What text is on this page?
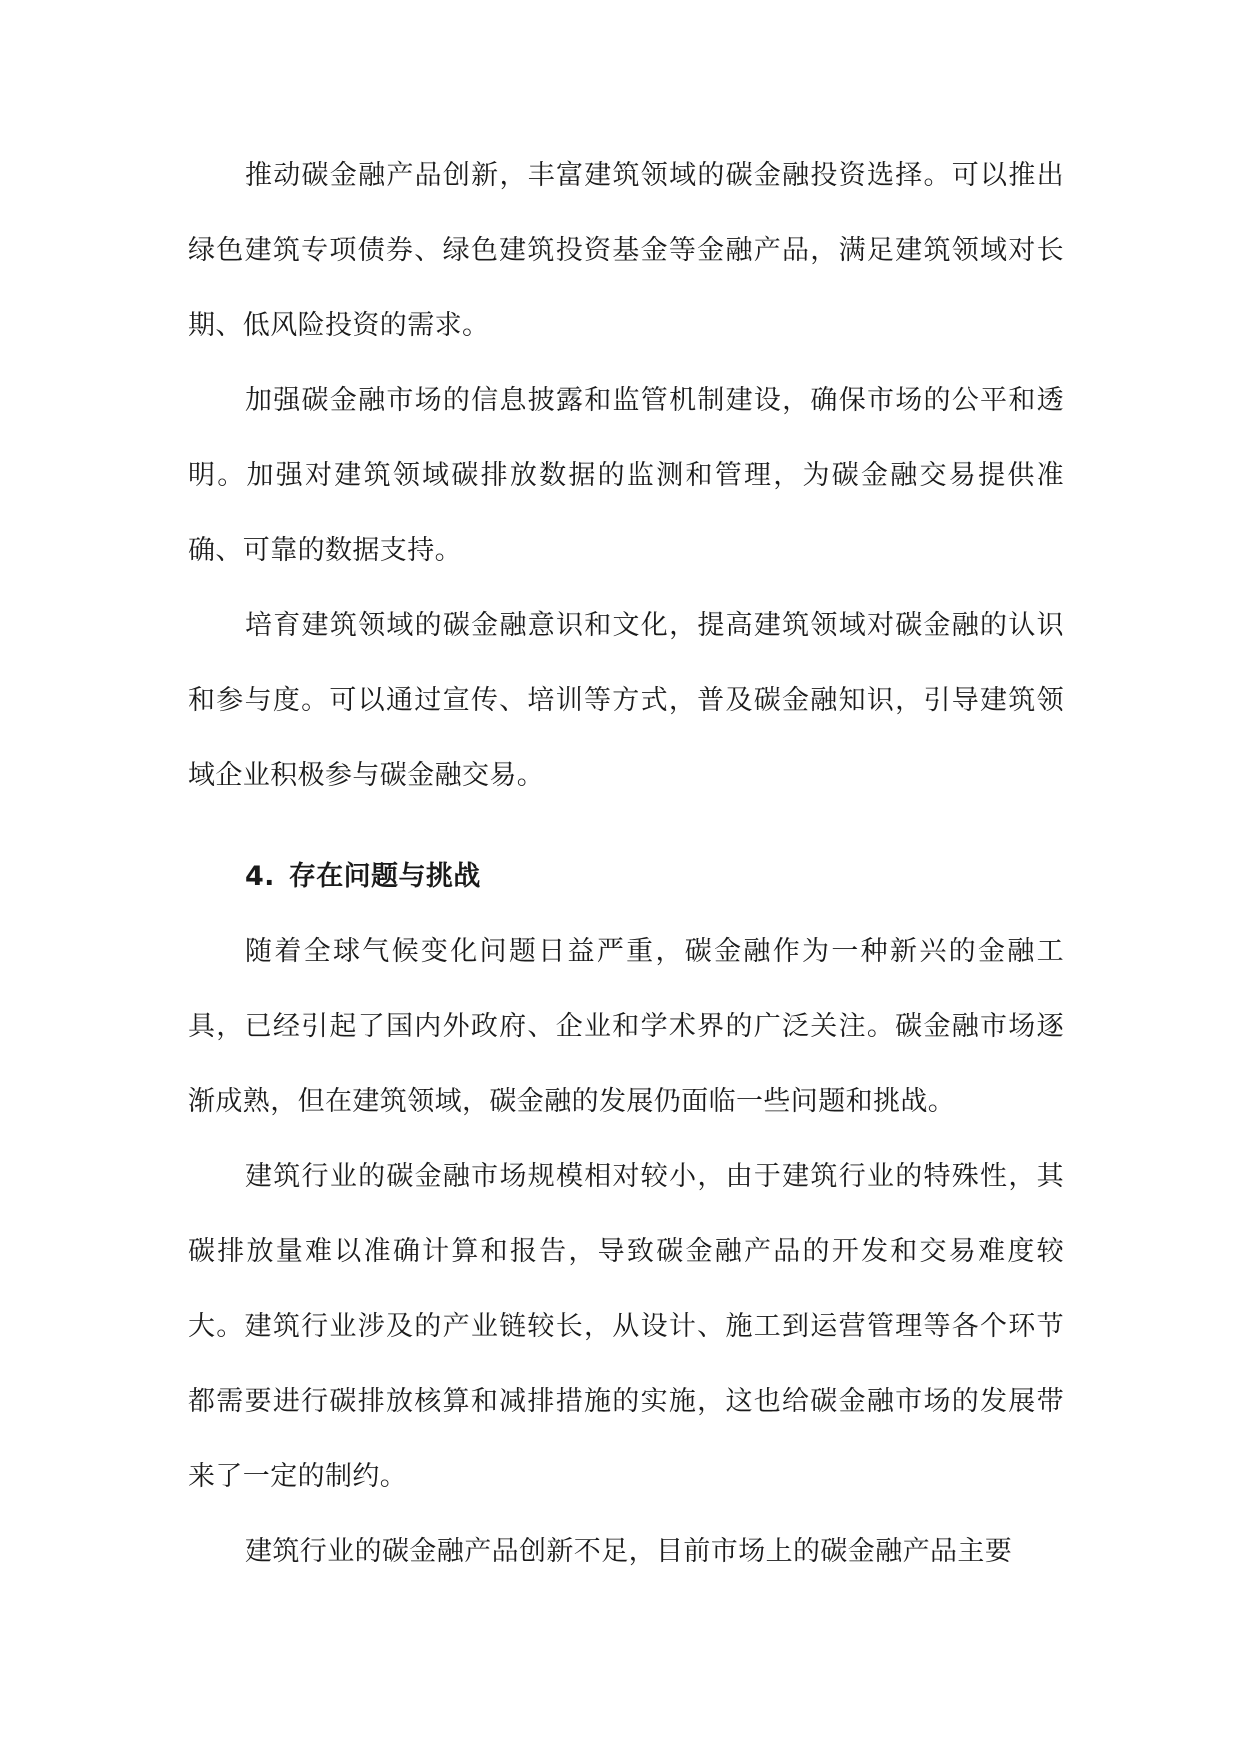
推动碳金融产品创新，丰富建筑领域的碳金融投资选择。可以推出绿色建筑专项债券、绿色建筑投资基金等金融产品，满足建筑领域对长期、低风险投资的需求。

加强碳金融市场的信息披露和监管机制建设，确保市场的公平和透明。加强对建筑领域碳排放数据的监测和管理，为碳金融交易提供准确、可靠的数据支持。

培育建筑领域的碳金融意识和文化，提高建筑领域对碳金融的认识和参与度。可以通过宣传、培训等方式，普及碳金融知识，引导建筑领域企业积极参与碳金融交易。

4. 存在问题与挑战

随着全球气候变化问题日益严重，碳金融作为一种新兴的金融工具，已经引起了国内外政府、企业和学术界的广泛关注。碳金融市场逐渐成熟，但在建筑领域，碳金融的发展仍面临一些问题和挑战。

建筑行业的碳金融市场规模相对较小，由于建筑行业的特殊性，其碳排放量难以准确计算和报告，导致碳金融产品的开发和交易难度较大。建筑行业涉及的产业链较长，从设计、施工到运营管理等各个环节都需要进行碳排放核算和减排措施的实施，这也给碳金融市场的发展带来了一定的制约。

建筑行业的碳金融产品创新不足，目前市场上的碳金融产品主要
